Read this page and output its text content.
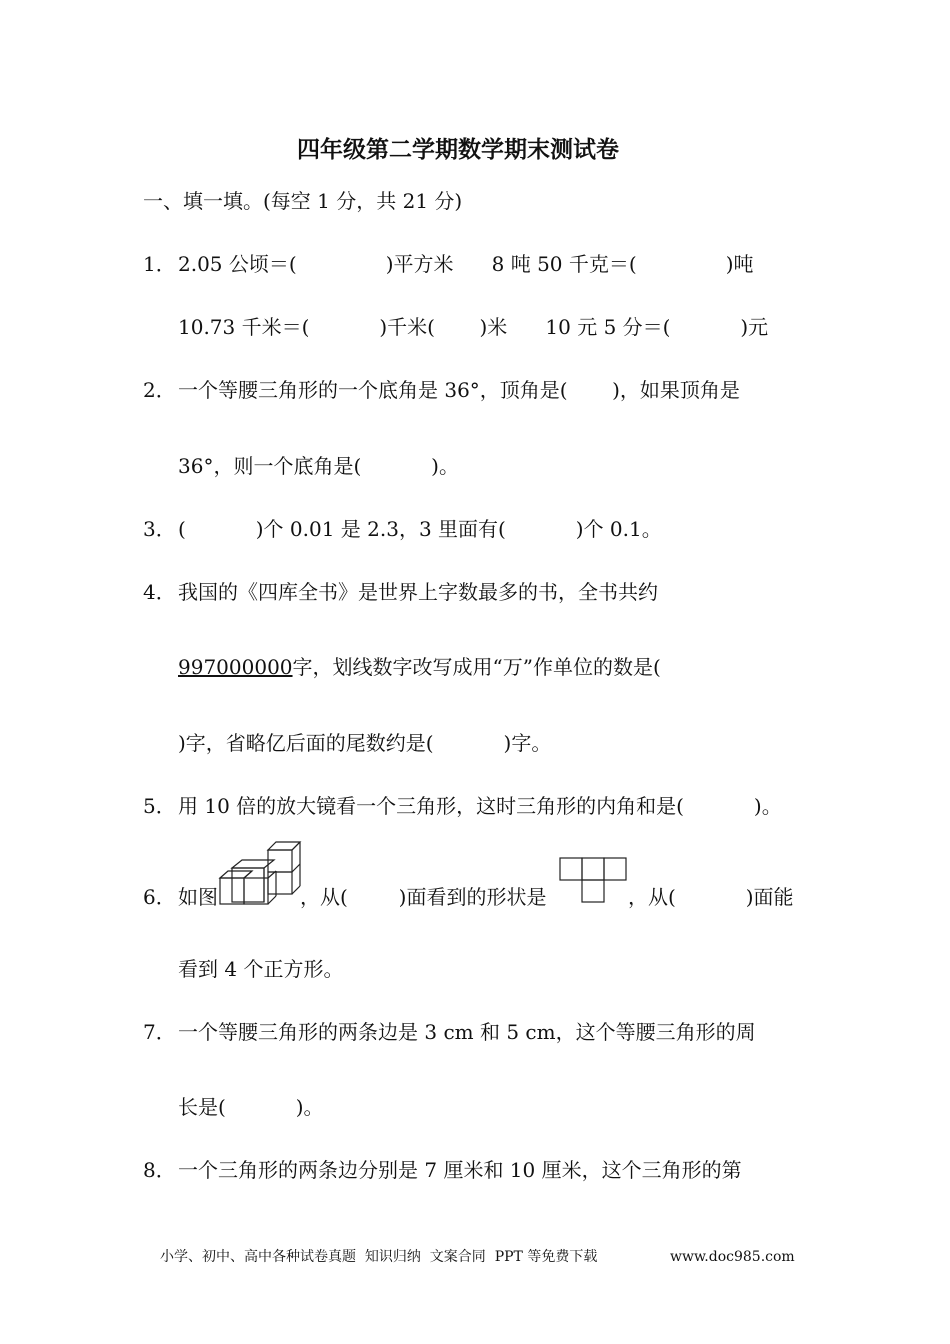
四年级第二学期数学期末测试卷
一、填一填。(每空 1 分，共 21 分)
1． 2.05 公顷＝(              )平方米      8 吨 50 千克＝(              )吨
10.73 千米＝(           )千米(       )米      10 元 5 分＝(           )元
2． 一个等腰三角形的一个底角是 36°，顶角是(       )，如果顶角是
36°，则一个底角是(           )。
3． (           )个 0.01 是 2.3，3 里面有(           )个 0.1。
4． 我国的《四库全书》是世界上字数最多的书，全书共约
997000000字，划线数字改写成用“万”作单位的数是(
)字，省略亿后面的尾数约是(           )字。
5． 用 10 倍的放大镜看一个三角形，这时三角形的内角和是(           )。
6． 如图	，从(        )面看到的形状是	，从(           )面能
看到 4 个正方形。
7． 一个等腰三角形的两条边是 3 cm 和 5 cm，这个等腰三角形的周
长是(           )。
8． 一个三角形的两条边分别是 7 厘米和 10 厘米，这个三角形的第
小学、初中、高中各种试卷真题  知识归纳  文案合同  PPT 等免费下载	www.doc985.com
